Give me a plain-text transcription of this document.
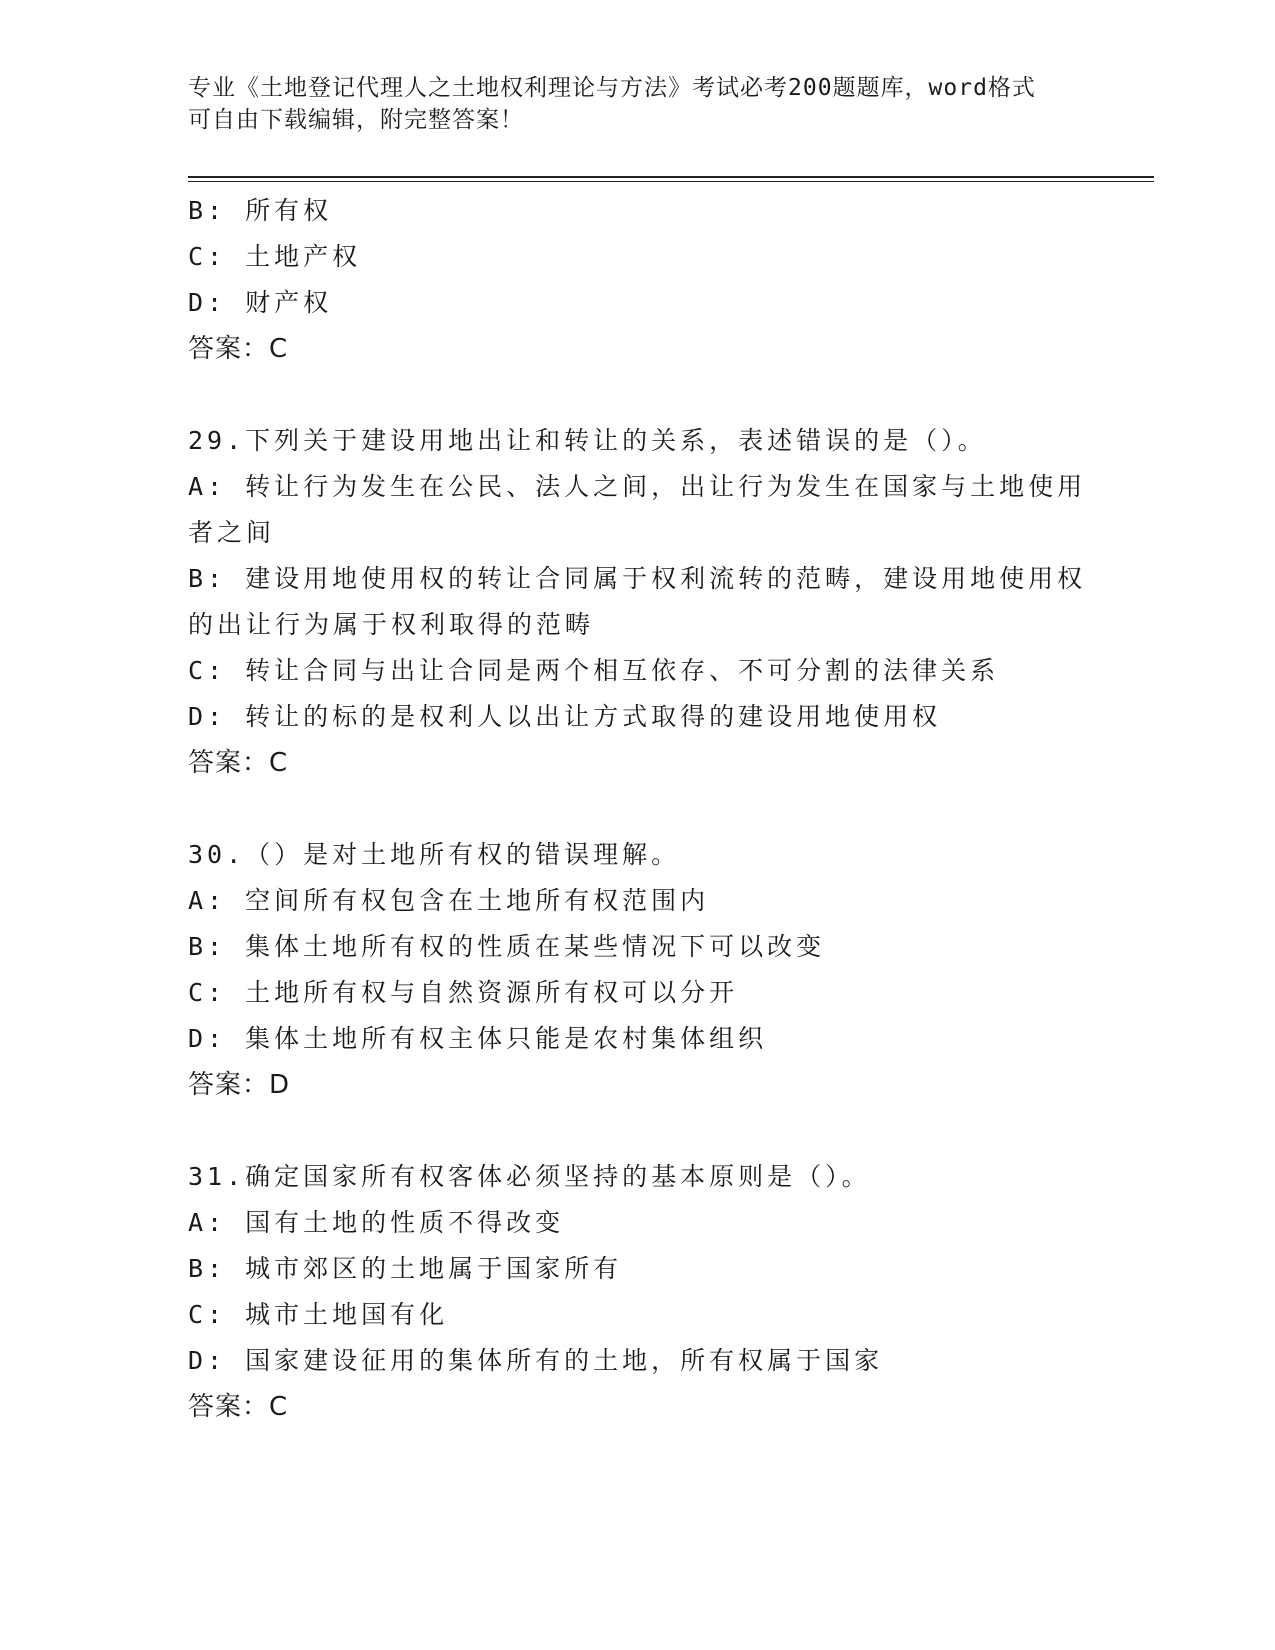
专业《土地登记代理人之土地权利理论与方法》考试必考200题题库，word格式
可自由下载编辑，附完整答案！
B: 所有权
C: 土地产权
D: 财产权
答案：C
29.下列关于建设用地出让和转让的关系，表述错误的是（）。
A: 转让行为发生在公民、法人之间，出让行为发生在国家与土地使用者之间
B: 建设用地使用权的转让合同属于权利流转的范畴，建设用地使用权的出让行为属于权利取得的范畴
C: 转让合同与出让合同是两个相互依存、不可分割的法律关系
D: 转让的标的是权利人以出让方式取得的建设用地使用权
答案：C
30.（）是对土地所有权的错误理解。
A: 空间所有权包含在土地所有权范围内
B: 集体土地所有权的性质在某些情况下可以改变
C: 土地所有权与自然资源所有权可以分开
D: 集体土地所有权主体只能是农村集体组织
答案：D
31.确定国家所有权客体必须坚持的基本原则是（）。
A: 国有土地的性质不得改变
B: 城市郊区的土地属于国家所有
C: 城市土地国有化
D: 国家建设征用的集体所有的土地，所有权属于国家
答案：C
